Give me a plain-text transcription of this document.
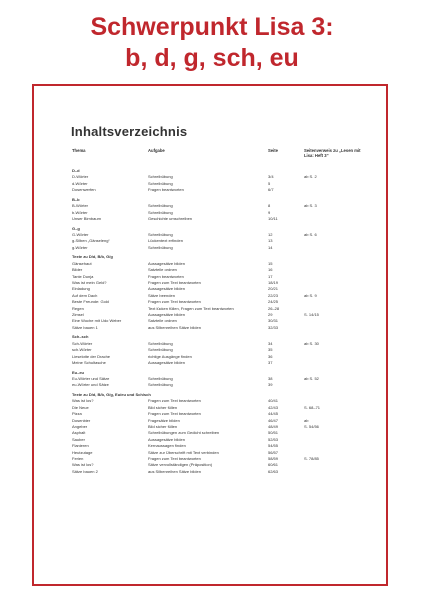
Schwerpunkt Lisa 3:
b, d, g, sch, eu
Inhaltsverzeichnis
Thema	Aufgabe	Seite	Seitenverweis zu „Lesen mit Lisa: Heft 3“
D–d
D-Wörter	Schreibübung	3/4	ab S. 2
d-Wörter	Schreibübung	5
Dosenwerfen	Fragen beantworten	6/7
B–b
B-Wörter	Schreibübung	8	ab S. 3
b-Wörter	Schreibübung	9
Unser Birnbaum	Geschichte umschreiben	10/11
G–g
G-Wörter	Schreibübung	12	ab S. 6
g-Silben „Gänseleng“	Lückentext erfinden	13
g-Wörter	Schreibübung	14
Texte zu D/d, B/b, G/g
Gänsehaut	Aussagesätze bilden	15
Bilder	Satzteile ordnen	16
Tante Dunja	Fragen beantworten	17
Was ist mein Geld?	Fragen zum Text beantworten	18/19
Einladung	Aussagesätze bilden	20/21
Auf dem Dach	Sätze beenden	22/23	ab S. 9
Beste Freunde: Gold	Fragen zum Text beantworten	24/25
Regen	Text lücken füllen, Fragen zum Text beantworten	26–28
Zimsel	Aussagesätze bilden	29	S. 14/15
Eine Woche mit Udo Weber	Satzteile ordnen	30/31
Sätze bauen 1	aus Silbenreihen Sätze bilden	32/33
Sch–sch
Sch-Wörter	Schreibübung	34	ab S. 30
sch-Wörter	Schreibübung	35
Lieselotte der Drache	richtige Ausgänge finden	36
Meine Schultasche	Aussagesätze bilden	37
Eu–eu
Eu-Wörter und Sätze	Schreibübung	38	ab S. 52
eu-Wörter und Sätze	Schreibübung	39
Texte zu D/d, B/b, G/g, Eu/eu und Sch/sch
Was ist los?	Fragen zum Text beantworten	40/41
Die Neue	Bild sicher füllen	42/43	S. 68–71
Pizza	Fragen zum Text beantworten	44/45
Dosenbier	Fragesätze bilden	46/47	ab
Angeber	Bild sicher füllen	48/49	S. 54/56
Asphalt	Schreibübungen zum Gedicht schreiben	50/51
Sauber	Aussagesätze bilden	52/53
Flanieren	Kernaussagen finden	54/55
Heutzutage	Sätze zur Überschrift mit Text verbinden	56/57
Ferien	Fragen zum Text beantworten	58/59	S. 78/85
Was ist los?	Sätze vervollständigen (Präposition)	60/61
Sätze bauen 2	aus Silbenreihen Sätze bilden	62/63
